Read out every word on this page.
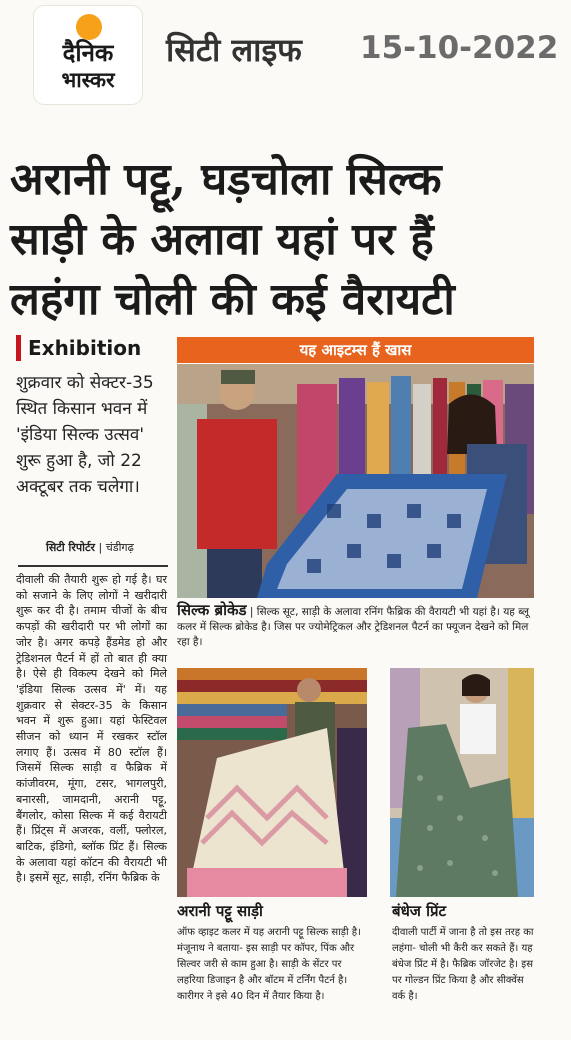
दैनिक
भास्कर
सिटी लाइफ 15-10-2022
अरानी पट्टू, घड़चोला सिल्क
साड़ी के अलावा यहां पर हैं
लहंगा चोली की कई वैरायटी
Exhibition
शुक्रवार को सेक्टर-35 स्थित किसान भवन में 'इंडिया सिल्क उत्सव' शुरू हुआ है, जो 22 अक्टूबर तक चलेगा।
सिटी रिपोर्टर | चंडीगढ़
दीवाली की तैयारी शुरू हो गई है। घर को सजाने के लिए लोगों ने खरीदारी शुरू कर दी है। तमाम चीजों के बीच कपड़ों की खरीदारी पर भी लोगों का जोर है। अगर कपड़े हैंडमेड हो और ट्रेडिशनल पैटर्न में हों तो बात ही क्या है। ऐसे ही विकल्प देखने को मिले 'इंडिया सिल्क उत्सव में' में। यह शुक्रवार से सेक्टर-35 के किसान भवन में शुरू हुआ। यहां फेस्टिवल सीजन को ध्यान में रखकर स्टॉल लगाए हैं। उत्सव में 80 स्टॉल हैं। जिसमें सिल्क साड़ी व फैब्रिक में कांजीवरम, मूंगा, टसर, भागलपुरी, बनारसी, जामदानी, अरानी पट्टू, बैंगलोर, कोसा सिल्क में कई वैरायटी हैं। प्रिंट्स में अजरक, वर्ली, फ्लोरल, बाटिक, इंडिगो, ब्लॉक प्रिंट हैं। सिल्क के अलावा यहां कॉटन की वैरायटी भी है। इसमें सूट, साड़ी, रनिंग फैब्रिक के
यह आइटम्स हैं खास
सिल्क ब्रोकेड | सिल्क सूट, साड़ी के अलावा रनिंग फैब्रिक की वैरायटी भी यहां है। यह ब्लू कलर में सिल्क ब्रोकेड है। जिस पर ज्योमेट्रिकल और ट्रेडिशनल पैटर्न का फ्यूजन देखने को मिल रहा है।
अरानी पट्टू साड़ी
ऑफ व्हाइट कलर में यह अरानी पट्टू सिल्क साड़ी है। मंजूनाथ ने बताया- इस साड़ी पर कॉपर, पिंक और सिल्वर जरी से काम हुआ है। साड़ी के सेंटर पर लहरिया डिजाइन है और बॉटम में टर्निंग पैटर्न है। कारीगर ने इसे 40 दिन में तैयार किया है।
बंधेज प्रिंट
दीवाली पार्टी में जाना है तो इस तरह का लहंगा- चोली भी कैरी कर सकते हैं। यह बंधेज प्रिंट में है। फैब्रिक जॉरजेट है। इस पर गोल्डन प्रिंट किया है और सीक्वेंस वर्क है।
